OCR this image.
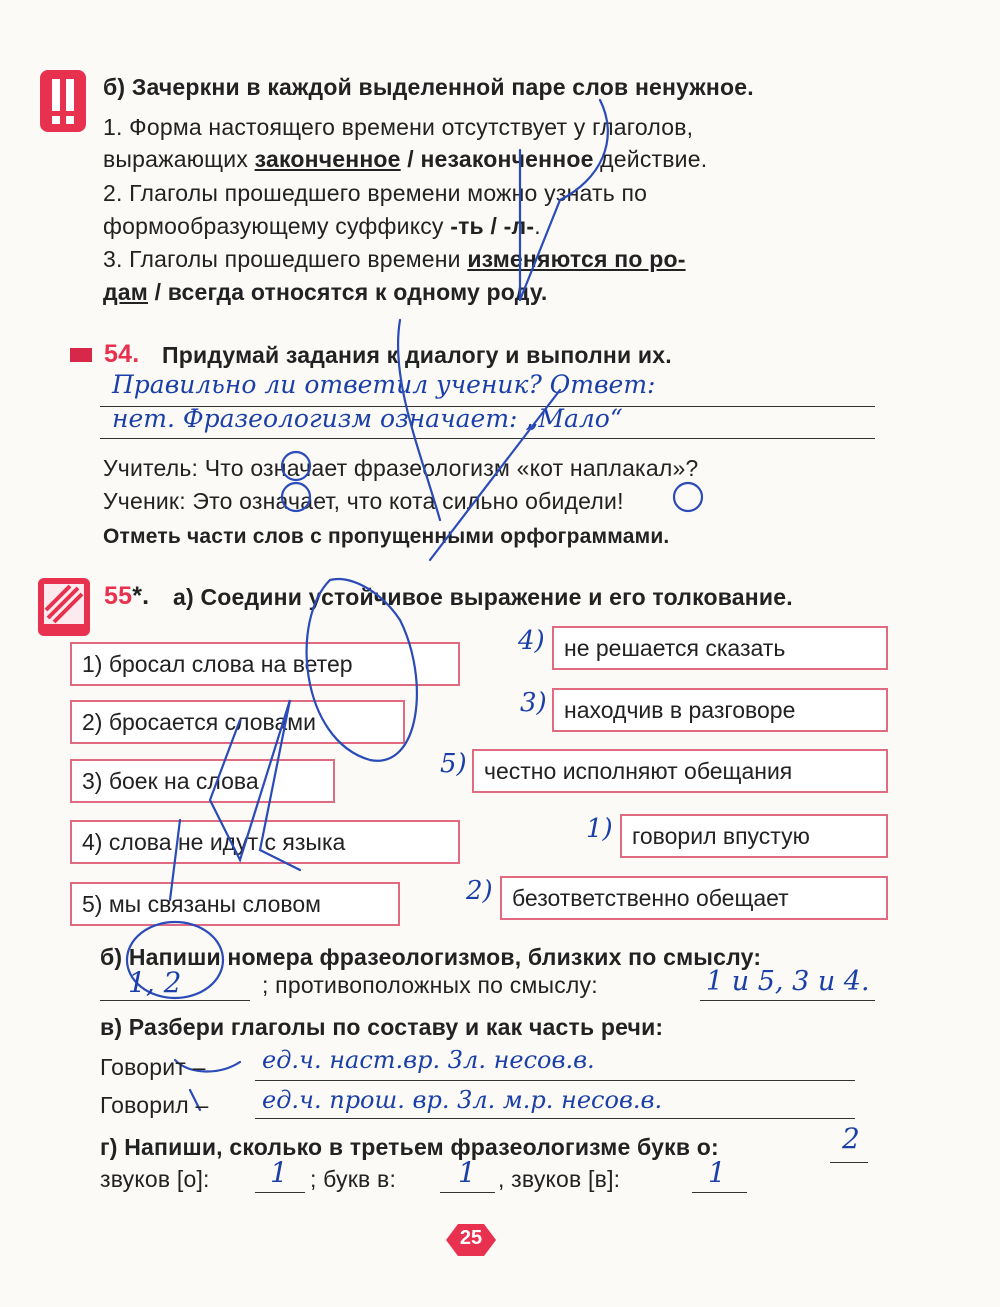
б) Зачеркни в каждой выделенной паре слов ненужное.
1. Форма настоящего времени отсутствует у глаголов,
выражающих законченное / незаконченное действие.
2. Глаголы прошедшего времени можно узнать по
формообразующему суффиксу -ть / -л-.
3. Глаголы прошедшего времени изменяются по ро-
дам / всегда относятся к одному роду.
54. Придумай задания к диалогу и выполни их.
Правильно ли ответил ученик? Ответ:
нет. Фразеологизм означает: „Мало“
Учитель: Что означает фразеологизм «кот наплакал»?
Ученик: Это означает, что кота сильно обидели!
Отметь части слов с пропущенными орфограммами.
55*. а) Соедини устойчивое выражение и его толкование.
1) бросал слова на ветер
2) бросается словами
3) боек на слова
4) слова не идут с языка
5) мы связаны словом
не решается сказать
находчив в разговоре
честно исполняют обещания
говорил впустую
безответственно обещает
4)
3)
5)
1)
2)
б) Напиши номера фразеологизмов, близких по смыслу:
1, 2	; противоположных по смыслу:	1 и 5, 3 и 4.
в) Разбери глаголы по составу и как часть речи:
Говорит – ед.ч. наст.вр. 3л. несов.в.
Говорил – ед.ч. прош. вр. 3л. м.р. несов.в.
г) Напиши, сколько в третьем фразеологизме букв о:	2
звуков [о]: 1 ; букв в: 1 , звуков [в]:	1
25
